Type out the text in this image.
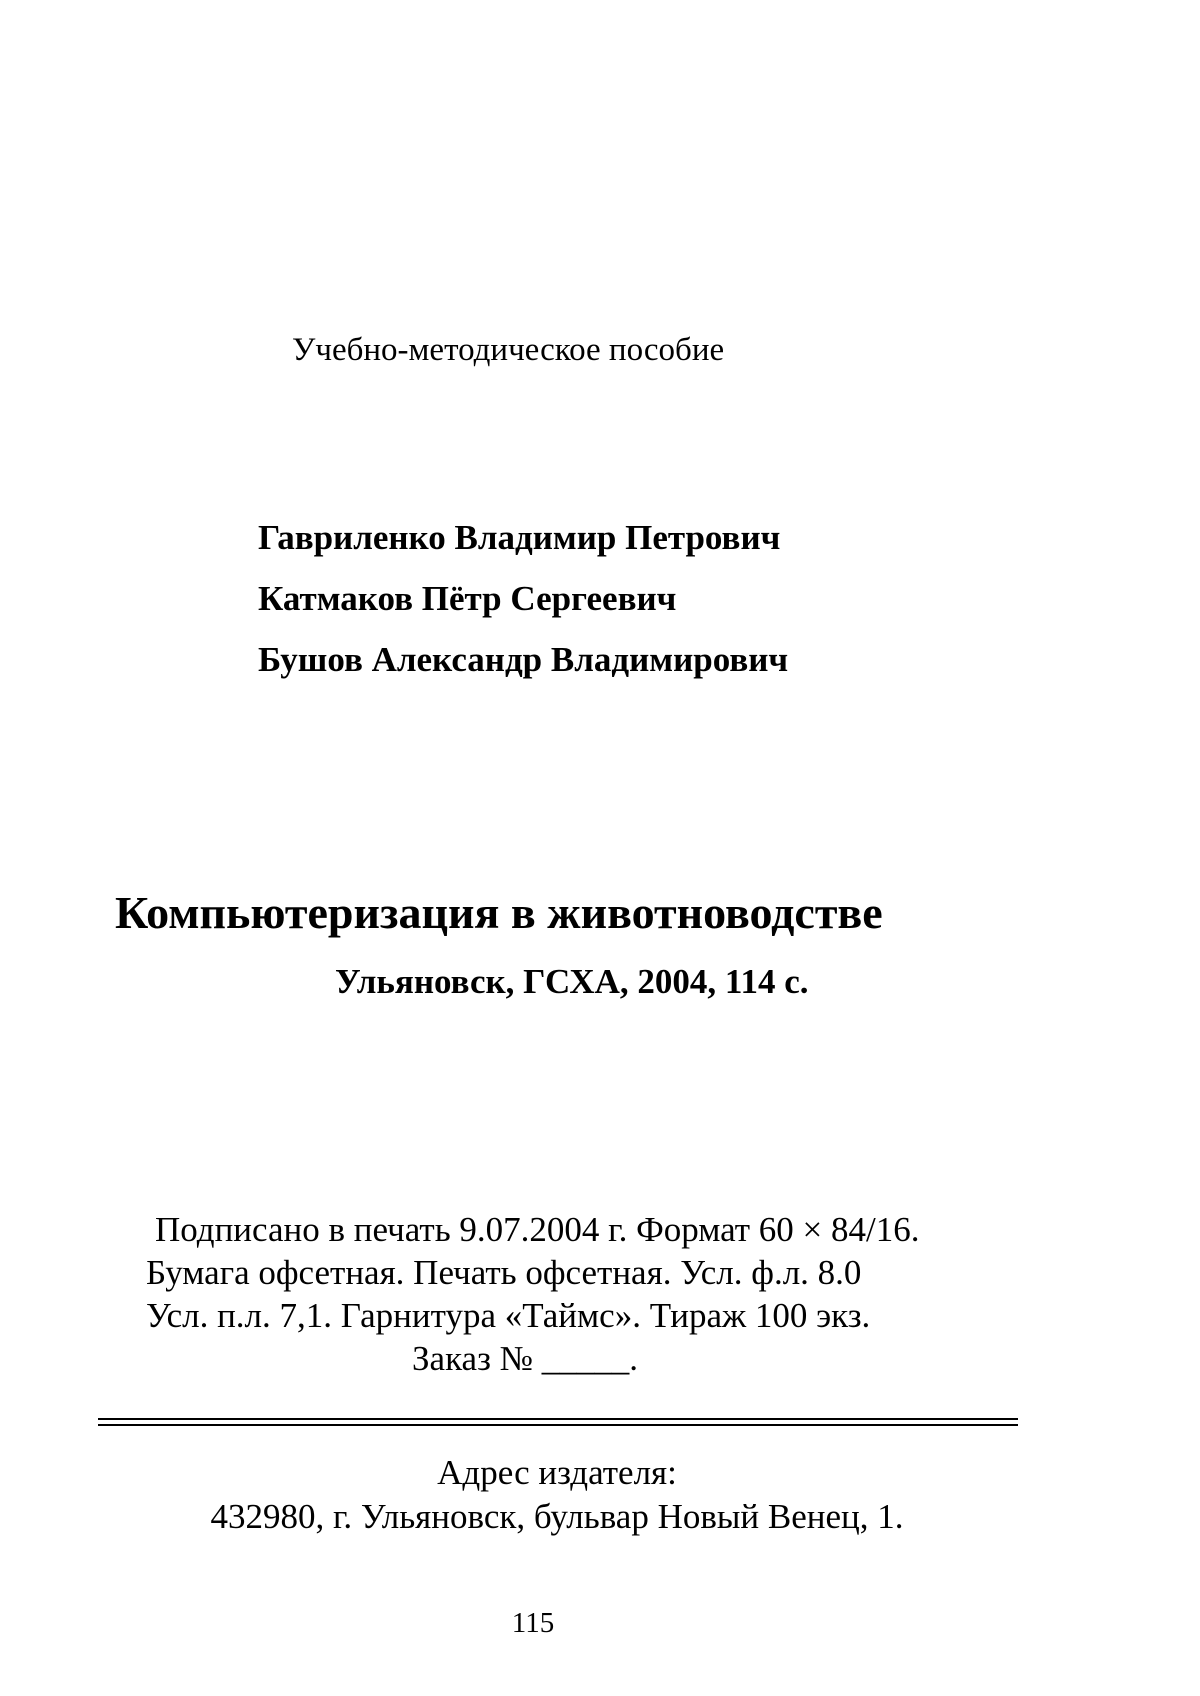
Учебно-методическое пособие
Гавриленко Владимир Петрович
Катмаков Пётр Сергеевич
Бушов Александр Владимирович
Компьютеризация в животноводстве
Ульяновск, ГСХА, 2004, 114 с.
Подписано в печать 9.07.2004 г. Формат 60 × 84/16.
Бумага офсетная. Печать офсетная. Усл. ф.л. 8.0
Усл. п.л. 7,1. Гарнитура «Таймс». Тираж 100 экз.
Заказ № _____.
Адрес издателя:
432980, г. Ульяновск, бульвар Новый Венец, 1.
115
